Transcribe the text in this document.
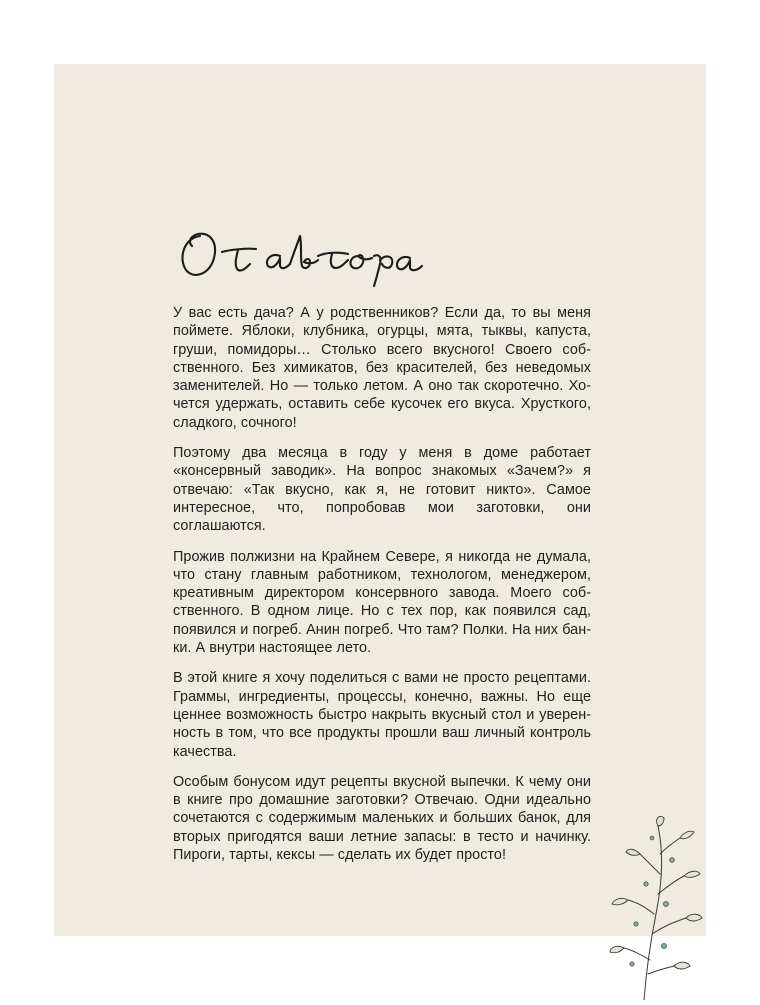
У вас есть дача? А у родственников? Если да, то вы меня поймете. Яблоки, клубника, огурцы, мята, тыквы, капуста, груши, помидоры… Столько всего вкусного! Своего собственного. Без химикатов, без красителей, без неведомых заменителей. Но — только летом. А оно так скоротечно. Хочется удержать, оставить себе кусочек его вкуса. Хрусткого, сладкого, сочного!

Поэтому два месяца в году у меня в доме работает «консервный заводик». На вопрос знакомых «Зачем?» я отвечаю: «Так вкусно, как я, не готовит никто». Самое интересное, что, попробовав мои заготовки, они соглашаются.

Прожив полжизни на Крайнем Севере, я никогда не думала, что стану главным работником, технологом, менеджером, креативным директором консервного завода. Моего собственного. В одном лице. Но с тех пор, как появился сад, появился и погреб. Анин погреб. Что там? Полки. На них банки. А внутри настоящее лето.

В этой книге я хочу поделиться с вами не просто рецептами. Граммы, ингредиенты, процессы, конечно, важны. Но еще ценнее возможность быстро накрыть вкусный стол и уверенность в том, что все продукты прошли ваш личный контроль качества.

Особым бонусом идут рецепты вкусной выпечки. К чему они в книге про домашние заготовки? Отвечаю. Одни идеально сочетаются с содержимым маленьких и больших банок, для вторых пригодятся ваши летние запасы: в тесто и начинку. Пироги, тарты, кексы — сделать их будет просто!
